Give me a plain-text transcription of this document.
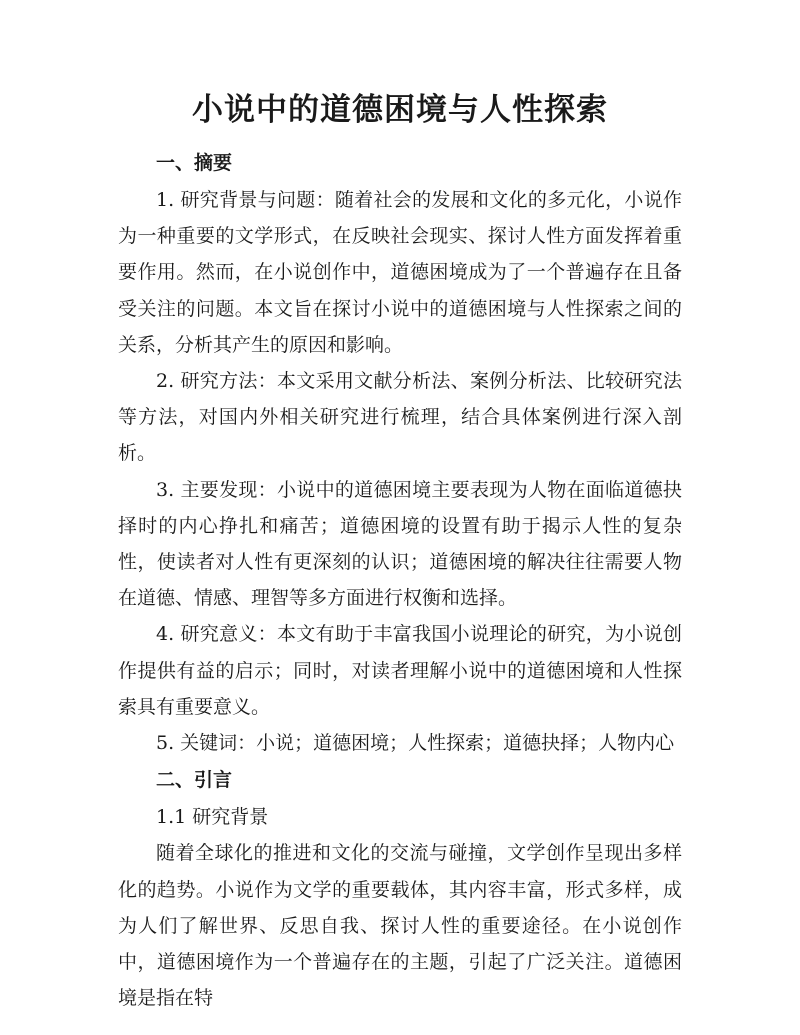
小说中的道德困境与人性探索
一、摘要

1. 研究背景与问题：随着社会的发展和文化的多元化，小说作为一种重要的文学形式，在反映社会现实、探讨人性方面发挥着重要作用。然而，在小说创作中，道德困境成为了一个普遍存在且备受关注的问题。本文旨在探讨小说中的道德困境与人性探索之间的关系，分析其产生的原因和影响。

2. 研究方法：本文采用文献分析法、案例分析法、比较研究法等方法，对国内外相关研究进行梳理，结合具体案例进行深入剖析。

3. 主要发现：小说中的道德困境主要表现为人物在面临道德抉择时的内心挣扎和痛苦；道德困境的设置有助于揭示人性的复杂性，使读者对人性有更深刻的认识；道德困境的解决往往需要人物在道德、情感、理智等多方面进行权衡和选择。

4. 研究意义：本文有助于丰富我国小说理论的研究，为小说创作提供有益的启示；同时，对读者理解小说中的道德困境和人性探索具有重要意义。

5. 关键词：小说；道德困境；人性探索；道德抉择；人物内心

二、引言

1.1 研究背景

随着全球化的推进和文化的交流与碰撞，文学创作呈现出多样化的趋势。小说作为文学的重要载体，其内容丰富，形式多样，成为人们了解世界、反思自我、探讨人性的重要途径。在小说创作中，道德困境作为一个普遍存在的主题，引起了广泛关注。道德困境是指在特
